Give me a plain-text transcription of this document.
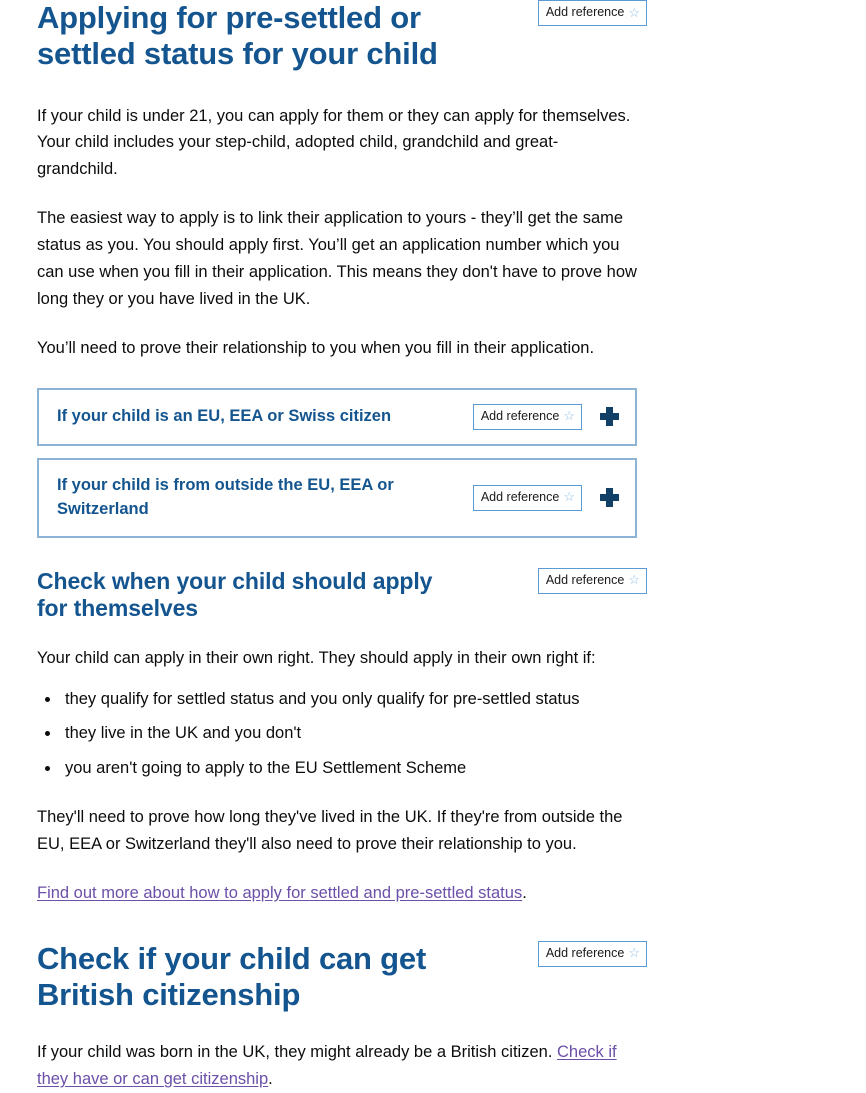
Applying for pre-settled or settled status for your child
Add reference ☆

If your child is under 21, you can apply for them or they can apply for themselves. Your child includes your step-child, adopted child, grandchild and great-grandchild.

The easiest way to apply is to link their application to yours - they’ll get the same status as you. You should apply first. You’ll get an application number which you can use when you fill in their application. This means they don't have to prove how long they or you have lived in the UK.

You’ll need to prove their relationship to you when you fill in their application.

If your child is an EU, EEA or Swiss citizen	Add reference ☆
If your child is from outside the EU, EEA or Switzerland
Add reference ☆
Check when your child should apply for themselves
Add reference ☆

Your child can apply in their own right. They should apply in their own right if:

• they qualify for settled status and you only qualify for pre-settled status
• they live in the UK and you don't
• you aren't going to apply to the EU Settlement Scheme

They'll need to prove how long they've lived in the UK. If they're from outside the EU, EEA or Switzerland they'll also need to prove their relationship to you.

Find out more about how to apply for settled and pre-settled status.

Check if your child can get British citizenship
Add reference ☆

If your child was born in the UK, they might already be a British citizen. Check if they have or can get citizenship.
